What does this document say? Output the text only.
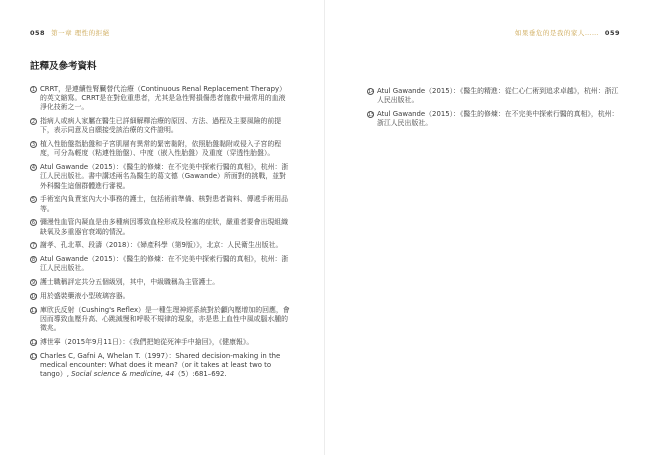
058 第一章 理性的拒絕
註釋及參考資料
1 CRRT，是連續性腎臟替代治療（Continuous Renal Replacement Therapy）的英文縮寫。CRRT是在對危重患者，尤其是急性腎損傷患者施救中最常用的血液淨化技術之一。
2 指病人或病人家屬在醫生已詳細解釋治療的原因、方法、過程及主要風險的前提下，表示同意及自願接受該治療的文件證明。
3 植入性胎盤指胎盤和子宮肌層有異常的緊密黏附，依照胎盤黏附或侵入子宮的程度，可分為輕度（粘連性胎盤）、中度（嵌入性胎盤）及重度（穿透性胎盤）。
4 Atul Gawande（2015）：《醫生的修煉：在不完美中探索行醫的真相》，杭州：浙江人民出版社。書中講述兩名為醫生的葛文德（Gawande）所面對的挑戰，並對外科醫生這個群體進行審視。
5 手術室內負責室內大小事務的護士，包括術前準備、核對患者資料、傳遞手術用品等。
6 彌漫性血管內凝血是由多種病因導致血栓形成及栓塞的症狀，嚴重者要會出現組織缺氧及多重器官衰竭的情況。
7 謝孝、孔北華、段濤（2018）：《婦產科學（第9版）》，北京：人民衛生出版社。
8 Atul Gawande（2015）：《醫生的修煉：在不完美中探索行醫的真相》，杭州：浙江人民出版社。
9 護士職稱評定共分五個級別，其中，中級職稱為主管護士。
10 用於盛裝藥液小型玻璃容器。
11 庫欣氏反射（Cushing's Reflex）是一種生理神經系統對於顱內壓增加的回應，會因而導致血壓升高、心跳減慢和呼吸不規律的現象，亦是患上血性中風或腦水腫的徵兆。
12 溥世寧（2015年9月11日）：《我們把她從死神手中搶回》，《健康報》。
13 Charles C, Gafni A, Whelan T.（1997）：Shared decision-making in the medical encounter: What does it mean?（or it takes at least two to tango）, Social science & medicine, 44（5）:681–692.
如果垂危的是我的家人…… 059
14 Atul Gawande（2015）：《醫生的精進：從仁心仁術到追求卓越》，杭州：浙江人民出版社。
15 Atul Gawande（2015）：《醫生的修煉：在不完美中探索行醫的真相》，杭州：浙江人民出版社。
